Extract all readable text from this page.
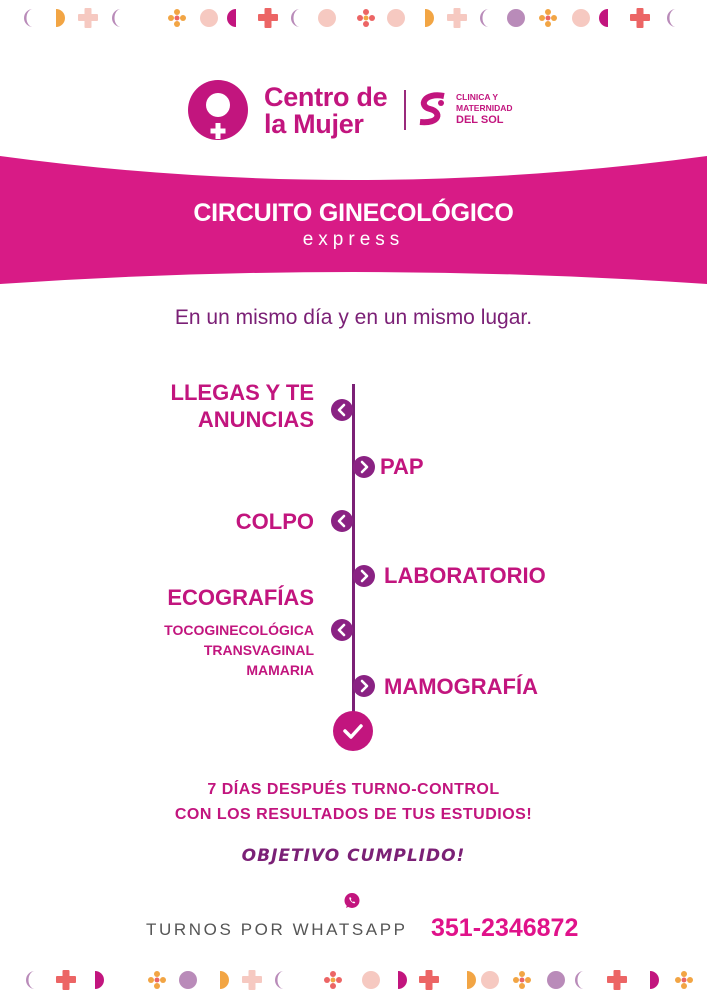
Centro de
la Mujer
CLINICA Y
MATERNIDAD
DEL SOL
CIRCUITO GINECOLÓGICO
express
En un mismo día y en un mismo lugar.
LLEGAS Y TE
ANUNCIAS
PAP
COLPO
LABORATORIO
ECOGRAFÍAS
TOCOGINECOLÓGICA
TRANSVAGINAL
MAMARIA
MAMOGRAFÍA
7 DÍAS DESPUÉS TURNO-CONTROL
CON LOS RESULTADOS DE TUS ESTUDIOS!
OBJETIVO CUMPLIDO!
TURNOS POR WHATSAPP 351-2346872
